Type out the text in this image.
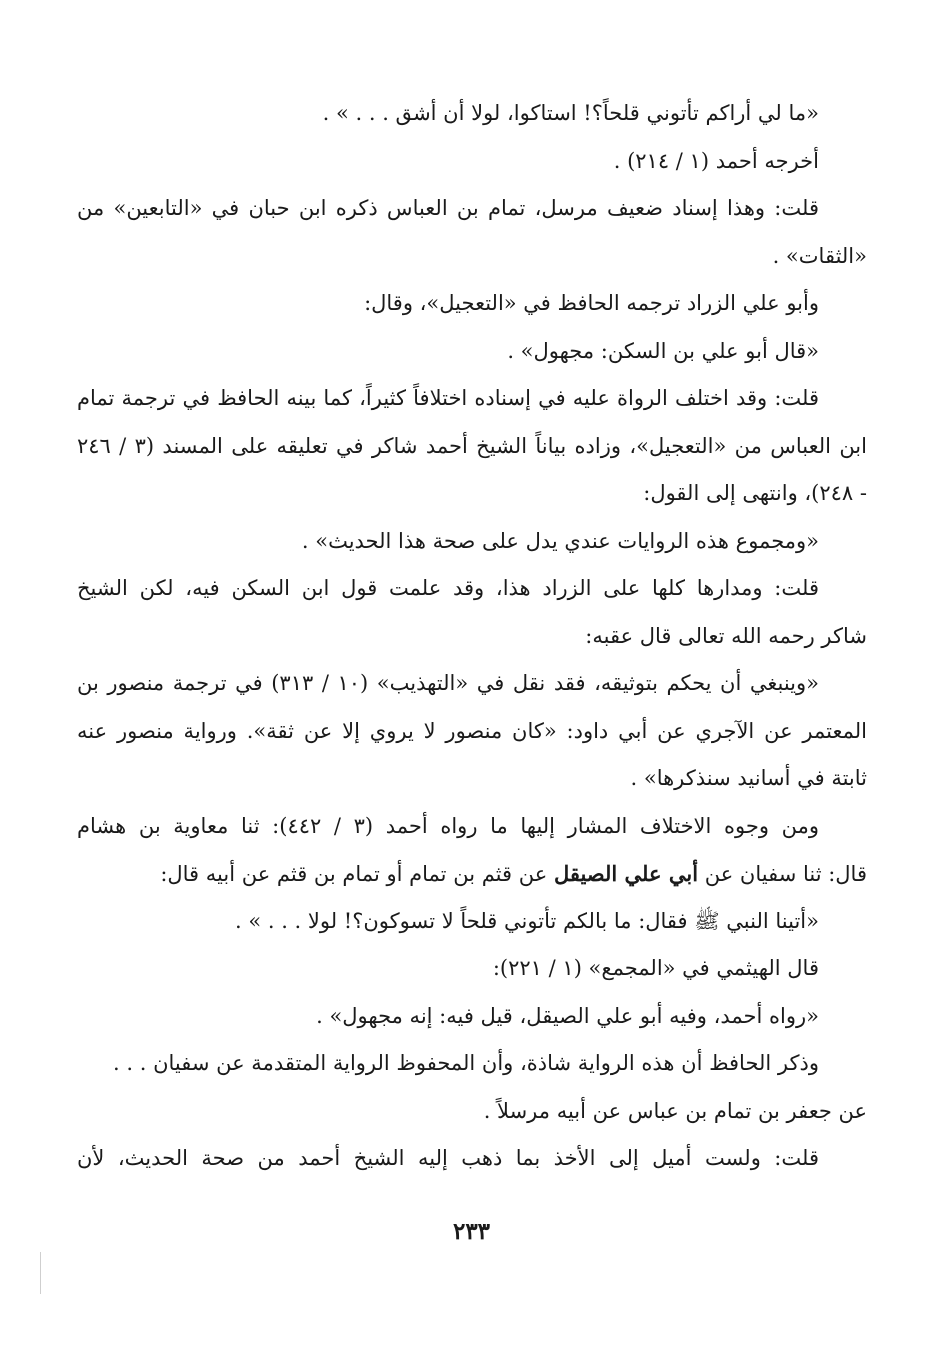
«ما لي أراكم تأتوني قلحاً؟! استاكوا، لولا أن أشق . . . » .
أخرجه أحمد (١ / ٢١٤) .
قلت: وهذا إسناد ضعيف مرسل، تمام بن العباس ذكره ابن حبان في «التابعين» من
«الثقات» .
وأبو علي الزراد ترجمه الحافظ في «التعجيل»، وقال:
«قال أبو علي بن السكن: مجهول» .
قلت: وقد اختلف الرواة عليه في إسناده اختلافاً كثيراً، كما بينه الحافظ في ترجمة تمام
ابن العباس من «التعجيل»، وزاده بياناً الشيخ أحمد شاكر في تعليقه على المسند (٣ / ٢٤٦
- ٢٤٨)، وانتهى إلى القول:
«ومجموع هذه الروايات عندي يدل على صحة هذا الحديث» .
قلت: ومدارها كلها على الزراد هذا، وقد علمت قول ابن السكن فيه، لكن الشيخ
شاكر رحمه الله تعالى قال عقبه:
«وينبغي أن يحكم بتوثيقه، فقد نقل في «التهذيب» (١٠ / ٣١٣) في ترجمة منصور بن
المعتمر عن الآجري عن أبي داود: «كان منصور لا يروي إلا عن ثقة». ورواية منصور عنه
ثابتة في أسانيد سنذكرها» .
ومن وجوه الاختلاف المشار إليها ما رواه أحمد (٣ / ٤٤٢): ثنا معاوية بن هشام
قال: ثنا سفيان عن أبي علي الصيقل عن قثم بن تمام أو تمام بن قثم عن أبيه قال:
«أتينا النبي ﷺ فقال: ما بالكم تأتوني قلحاً لا تسوكون؟! لولا . . . » .
قال الهيثمي في «المجمع» (١ / ٢٢١):
«رواه أحمد، وفيه أبو علي الصيقل، قيل فيه: إنه مجهول» .
وذكر الحافظ أن هذه الرواية شاذة، وأن المحفوظ الرواية المتقدمة عن سفيان . . .
عن جعفر بن تمام بن عباس عن أبيه مرسلاً .
قلت: ولست أميل إلى الأخذ بما ذهب إليه الشيخ أحمد من صحة الحديث، لأن
٢٣٣
